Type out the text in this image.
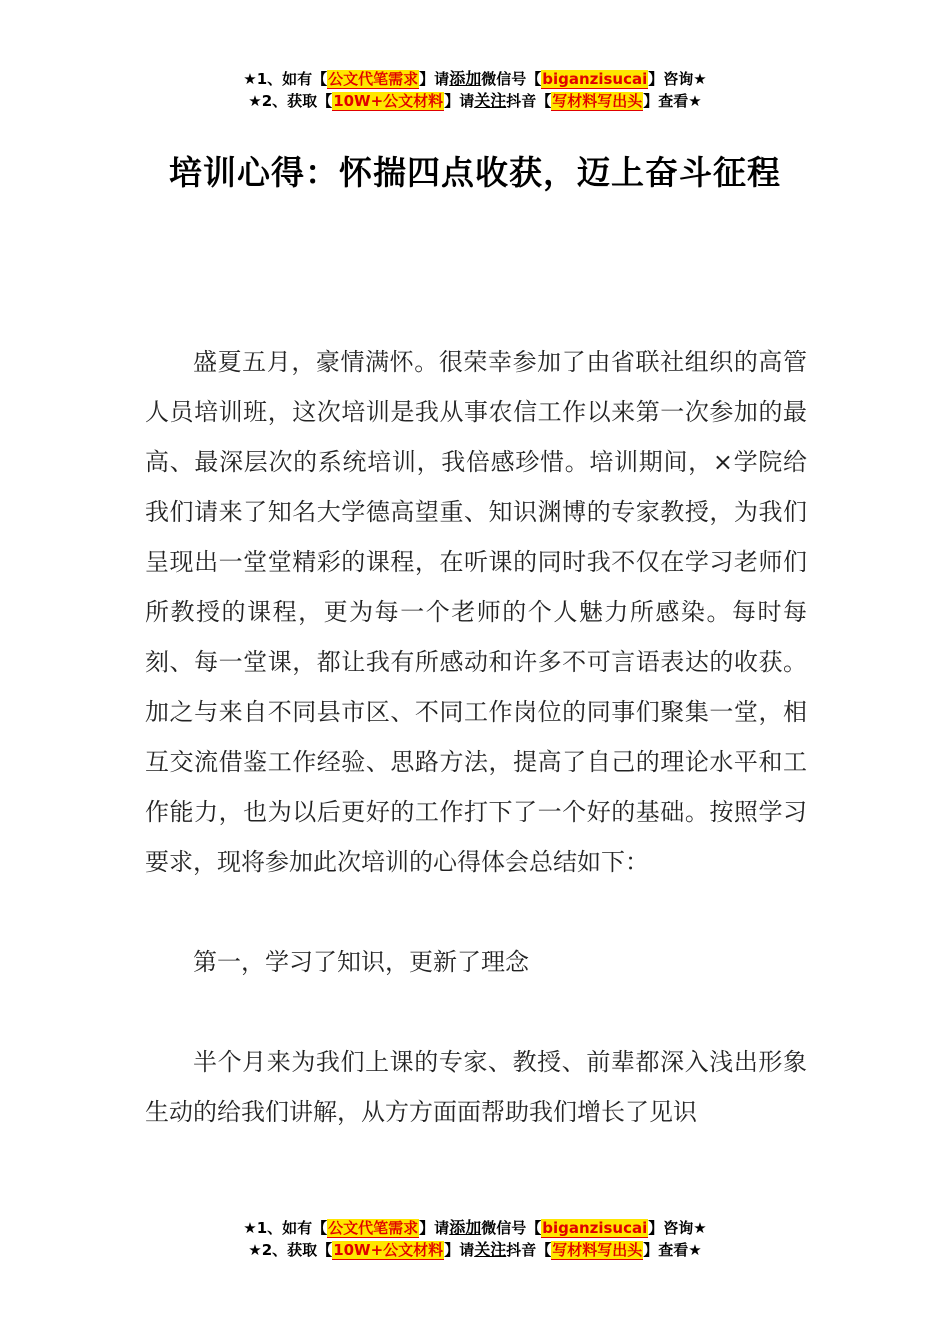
★1、如有【公文代笔需求】请添加微信号【biganzisucai】咨询★
★2、获取【10W+公文材料】请关注抖音【写材料写出头】查看★
培训心得：怀揣四点收获，迈上奋斗征程

盛夏五月，豪情满怀。很荣幸参加了由省联社组织的高管人员培训班，这次培训是我从事农信工作以来第一次参加的最高、最深层次的系统培训，我倍感珍惜。培训期间，×学院给我们请来了知名大学德高望重、知识渊博的专家教授，为我们呈现出一堂堂精彩的课程，在听课的同时我不仅在学习老师们所教授的课程，更为每一个老师的个人魅力所感染。每时每刻、每一堂课，都让我有所感动和许多不可言语表达的收获。加之与来自不同县市区、不同工作岗位的同事们聚集一堂，相互交流借鉴工作经验、思路方法，提高了自己的理论水平和工作能力，也为以后更好的工作打下了一个好的基础。按照学习要求，现将参加此次培训的心得体会总结如下：

第一，学习了知识，更新了理念

半个月来为我们上课的专家、教授、前辈都深入浅出形象生动的给我们讲解，从方方面面帮助我们增长了见识

★1、如有【公文代笔需求】请添加微信号【biganzisucai】咨询★
★2、获取【10W+公文材料】请关注抖音【写材料写出头】查看★
